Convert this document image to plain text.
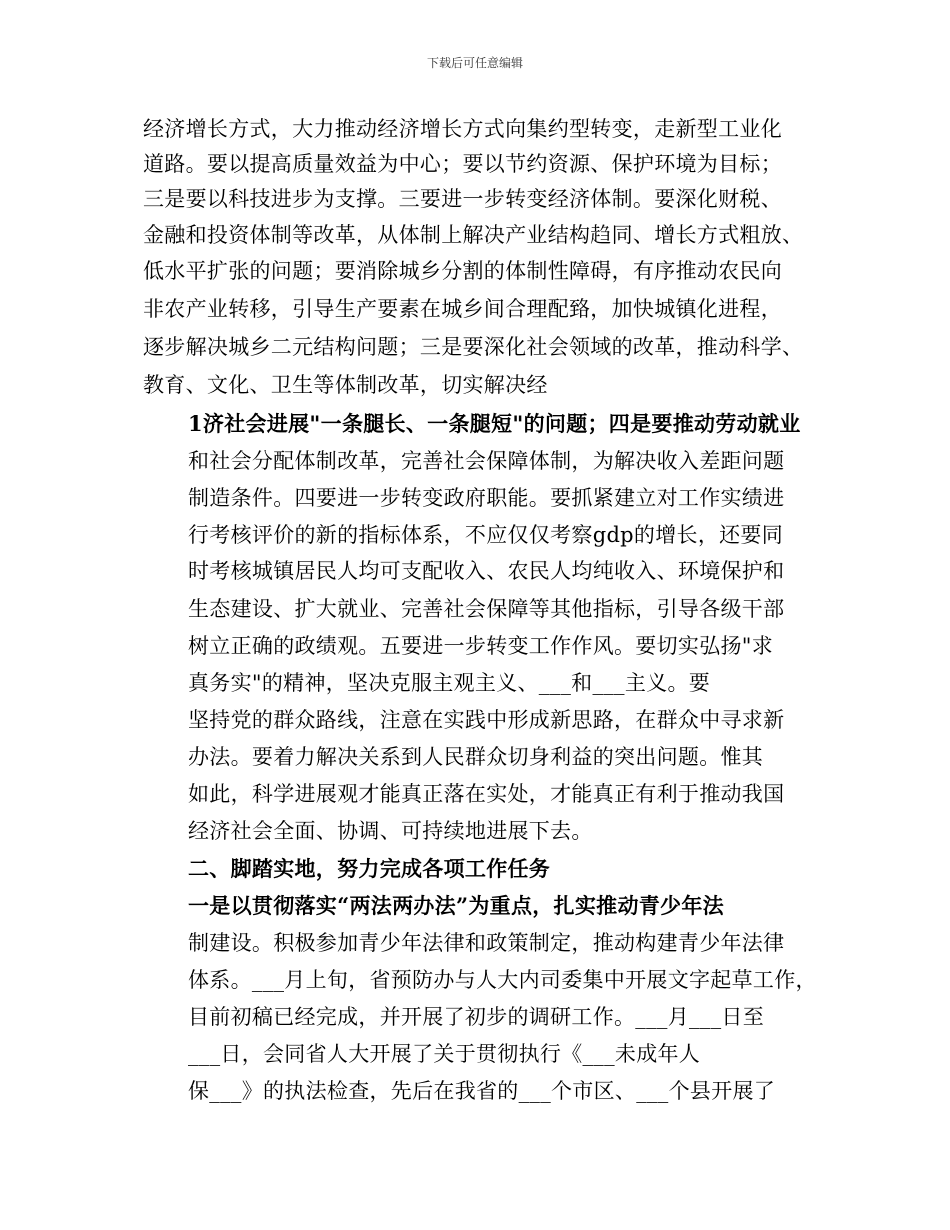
下载后可任意编辑
经济增长方式，大力推动经济增长方式向集约型转变，走新型工业化
道路。要以提高质量效益为中心；要以节约资源、保护环境为目标；
三是要以科技进步为支撑。三要进一步转变经济体制。要深化财税、
金融和投资体制等改革，从体制上解决产业结构趋同、增长方式粗放、
低水平扩张的问题；要消除城乡分割的体制性障碍，有序推动农民向
非农产业转移，引导生产要素在城乡间合理配臵，加快城镇化进程，
逐步解决城乡二元结构问题；三是要深化社会领域的改革，推动科学、
教育、文化、卫生等体制改革，切实解决经
1济社会进展"一条腿长、一条腿短"的问题；四是要推动劳动就业
和社会分配体制改革，完善社会保障体制，为解决收入差距问题
制造条件。四要进一步转变政府职能。要抓紧建立对工作实绩进
行考核评价的新的指标体系，不应仅仅考察gdp的增长，还要同
时考核城镇居民人均可支配收入、农民人均纯收入、环境保护和
生态建设、扩大就业、完善社会保障等其他指标，引导各级干部
树立正确的政绩观。五要进一步转变工作作风。要切实弘扬"求
真务实"的精神，坚决克服主观主义、___和___主义。要
坚持党的群众路线，注意在实践中形成新思路，在群众中寻求新
办法。要着力解决关系到人民群众切身利益的突出问题。惟其
如此，科学进展观才能真正落在实处，才能真正有利于推动我国
经济社会全面、协调、可持续地进展下去。
二、脚踏实地，努力完成各项工作任务
一是以贯彻落实“两法两办法”为重点，扎实推动青少年法
制建设。积极参加青少年法律和政策制定，推动构建青少年法律
体系。___月上旬，省预防办与人大内司委集中开展文字起草工作，
目前初稿已经完成，并开展了初步的调研工作。___月___日至
___日，会同省人大开展了关于贯彻执行《___未成年人
保___》的执法检查，先后在我省的___个市区、___个县开展了
